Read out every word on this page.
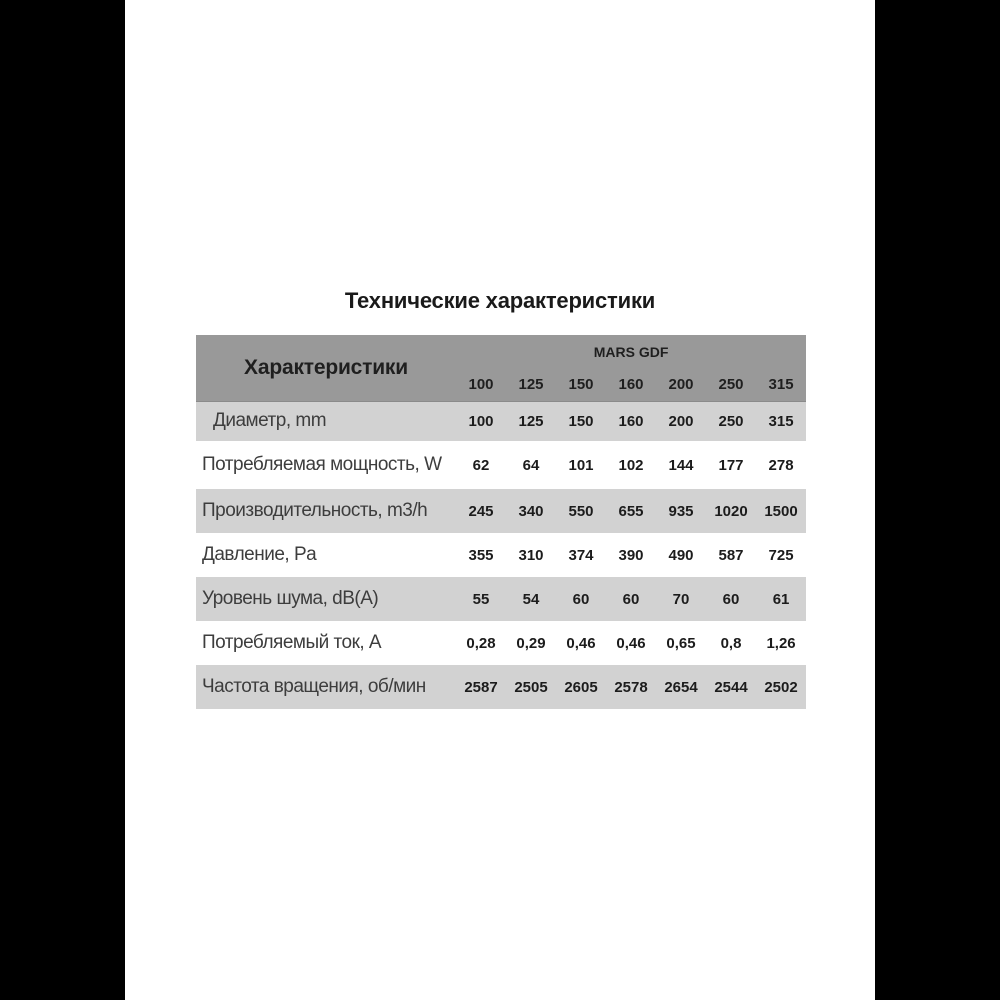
Технические характеристики
Характеристики	MARS GDF						
	100	125	150	160	200	250	315
Диаметр, mm	100	125	150	160	200	250	315
Потребляемая мощность, W	62	64	101	102	144	177	278
Производительность, m3/h	245	340	550	655	935	1020	1500
Давление, Pa	355	310	374	390	490	587	725
Уровень шума, dB(A)	55	54	60	60	70	60	61
Потребляемый ток, A	0,28	0,29	0,46	0,46	0,65	0,8	1,26
Частота вращения, об/мин	2587	2505	2605	2578	2654	2544	2502
